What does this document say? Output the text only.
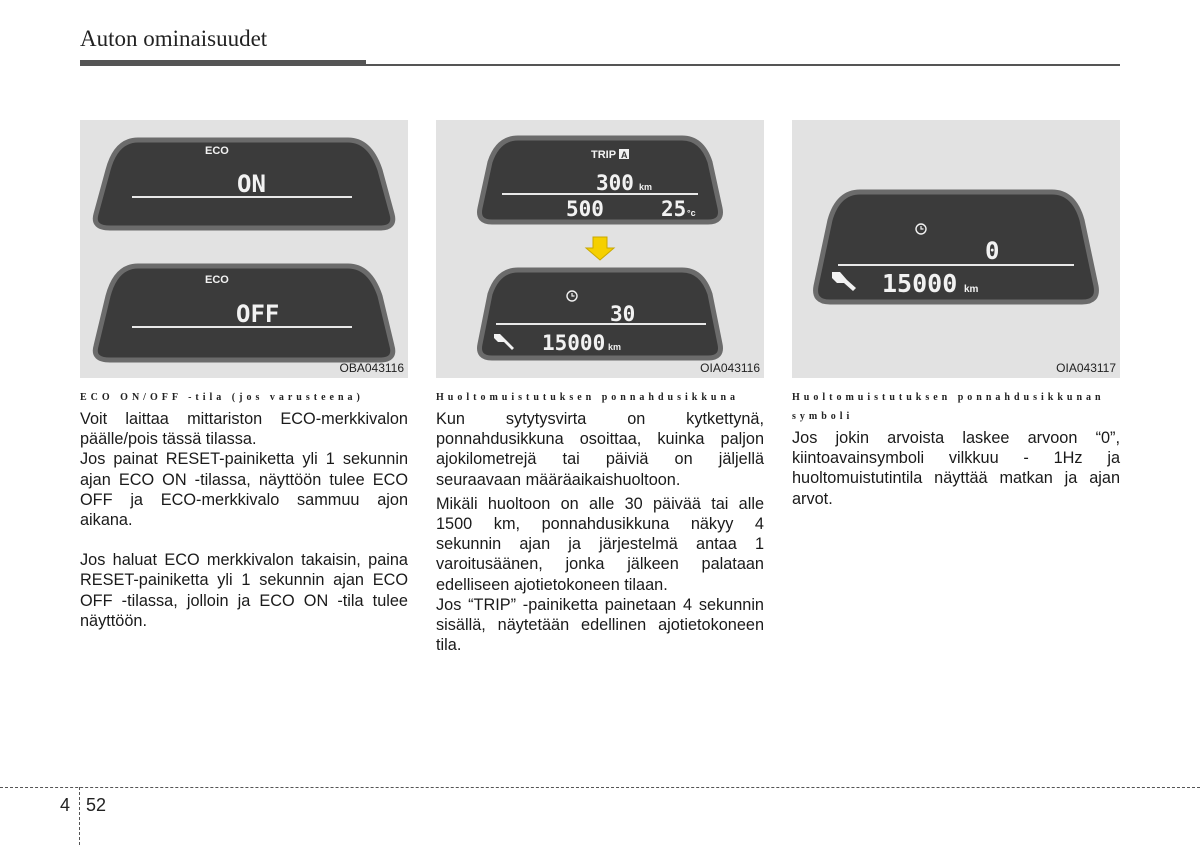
Auton ominaisuudet
ECO
ON
ECO
OFF
OBA043116
TRIP A
300 km
500	25 °c
30
15000 km
OIA043116
0
15000 km
OIA043117
ECO ON/OFF -tila (jos varusteena)

Voit laittaa mittariston ECO-merkkivalon päälle/pois tässä tilassa.

Jos painat RESET-painiketta yli 1 sekunnin ajan ECO ON -tilassa, näyttöön tulee ECO OFF ja ECO-merkkivalo sammuu ajon aikana.

Jos haluat ECO merkkivalon takaisin, paina RESET-painiketta yli 1 sekunnin ajan ECO OFF -tilassa, jolloin ja ECO ON -tila tulee näyttöön.

Huoltomuistutuksen ponnahdusikkuna

Kun sytytysvirta on kytkettynä, ponnahdusikkuna osoittaa, kuinka paljon ajokilometrejä tai päiviä on jäljellä seuraavaan määräaikaishuoltoon.

Mikäli huoltoon on alle 30 päivää tai alle 1500 km, ponnahdusikkuna näkyy 4 sekunnin ajan ja järjestelmä antaa 1 varoitusäänen, jonka jälkeen palataan edelliseen ajotietokoneen tilaan.

Jos “TRIP” -painiketta painetaan 4 sekunnin sisällä, näytetään edellinen ajotietokoneen tila.

Huoltomuistutuksen ponnahdusikkunan symboli

Jos jokin arvoista laskee arvoon “0”, kiintoavainsymboli vilkkuu - 1Hz ja huoltomuistutintila näyttää matkan ja ajan arvot.

4 52
